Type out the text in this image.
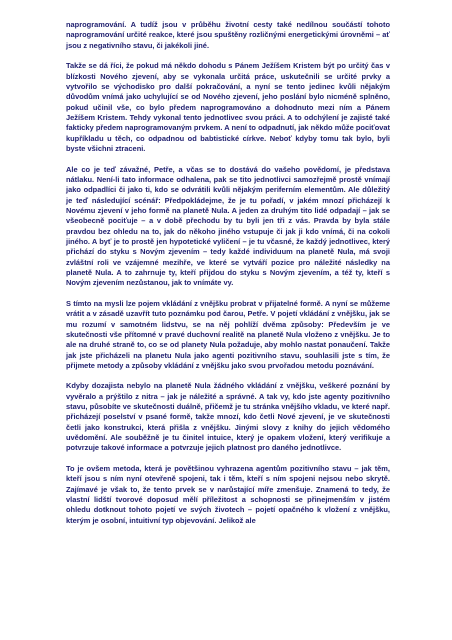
naprogramování. A tudíž jsou v průběhu životní cesty také nedílnou součástí tohoto naprogramování určité reakce, které jsou spuštěny rozličnými energetickými úrovněmi – ať jsou z negativního stavu, či jakékoli jiné.

Takže se dá říci, že pokud má někdo dohodu s Pánem Ježíšem Kristem být po určitý čas v blízkosti Nového zjevení, aby se vykonala určitá práce, uskutečnili se určité prvky a vytvořilo se východisko pro další pokračování, a nyní se tento jedinec kvůli nějakým důvodům vnímá jako uchylující se od Nového zjevení, jeho poslání bylo nicméně splněno, pokud učinil vše, co bylo předem naprogramováno a dohodnuto mezi ním a Pánem Ježíšem Kristem. Tehdy vykonal tento jednotlivec svou práci. A to odchýlení je zajisté také fakticky předem naprogramovaným prvkem. A není to odpadnutí, jak někdo může pociťovat kupříkladu u těch, co odpadnou od babtistické církve. Neboť kdyby tomu tak bylo, byli byste všichni ztraceni.

Ale co je teď závažné, Petře, a včas se to dostává do vašeho povědomí, je představa nátlaku. Není-li tato informace odhalena, pak se tito jednotlivci samozřejmě prostě vnímají jako odpadlíci či jako ti, kdo se odvrátili kvůli nějakým periferním elementům. Ale důležitý je teď následující scénář: Předpokládejme, že je tu pořadí, v jakém mnozí přicházejí k Novému zjevení v jeho formě na planetě Nula. A jeden za druhým tito lidé odpadají – jak se všeobecně pociťuje – a v době přechodu by tu byli jen tři z vás. Pravda by byla stále pravdou bez ohledu na to, jak do někoho jiného vstupuje či jak ji kdo vnímá, či na cokoli jiného. A byť je to prostě jen hypotetické vyličení – je tu včasné, že každý jednotlivec, který přichází do styku s Novým zjevením – tedy každé individuum na planetě Nula, má svoji zvláštní roli ve vzájemné mezihře, ve které se vytváří pozice pro náležité následky na planetě Nula. A to zahrnuje ty, kteří přijdou do styku s Novým zjevením, a též ty, kteří s Novým zjevením nezůstanou, jak to vnímáte vy.

S tímto na mysli lze pojem vkládání z vnějšku probrat v přijatelné formě. A nyní se můžeme vrátit a v zásadě uzavřít tuto poznámku pod čarou, Petře. V pojetí vkládání z vnějšku, jak se mu rozumí v samotném lidstvu, se na něj pohlíží dvěma způsoby: Především je ve skutečnosti vše přítomné v pravé duchovní realitě na planetě Nula vloženo z vnějšku. Je to ale na druhé straně to, co se od planety Nula požaduje, aby mohlo nastat ponaučení. Takže jak jste přicházeli na planetu Nula jako agenti pozitivního stavu, souhlasili jste s tím, že přijmete metody a způsoby vkládání z vnějšku jako svou prvořadou metodu poznávání.

Kdyby dozajista nebylo na planetě Nula žádného vkládání z vnějšku, veškeré poznání by vyvěralo a prýštilo z nitra – jak je náležité a správné. A tak vy, kdo jste agenty pozitivního stavu, působíte ve skutečnosti duálně, přičemž je tu stránka vnějšího vkladu, ve které např. přicházejí poselství v psané formě, takže mnozí, kdo četli Nové zjevení, je ve skutečnosti četli jako konstrukci, která přišla z vnějšku. Jinými slovy z knihy do jejich vědomého uvědomění. Ale souběžně je tu činitel intuice, který je opakem vložení, který verifikuje a potvrzuje takové informace a potvrzuje jejich platnost pro daného jednotlivce.

To je ovšem metoda, která je povětšinou vyhrazena agentům pozitivního stavu – jak těm, kteří jsou s ním nyní otevřeně spojeni, tak i těm, kteří s ním spojeni nejsou nebo skrytě. Zajímavé je však to, že tento prvek se v narůstající míře zmenšuje. Znamená to tedy, že vlastní lidští tvorové doposud mělí příležitost a schopnosti se přinejmenším v jistém ohledu dotknout tohoto pojetí ve svých životech – pojetí opačného k vložení z vnějšku, kterým je osobní, intuitivní typ objevování. Jelikož ale
